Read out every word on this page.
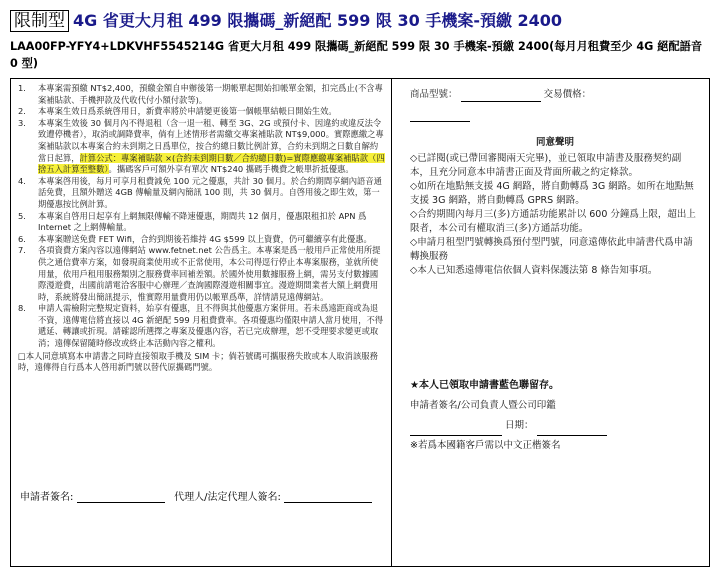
限制型 4G 省更大月租 499 限攜碼_新絕配 599 限 30 手機案-預繳 2400
LAA00FP-YFY4+LDKVHF5545214G 省更大月租 499 限攜碼_新絕配 599 限 30 手機案-預繳 2400(每月月租費至少 4G 絕配語音 0 型)
1.	本專案需預繳 NT$2,400，預繳金額自申辦後第一期帳單起開始扣帳單金額，扣完爲止(不含專案補貼款、手機押款及代收代付小額付款等)。
2.	本專案生效日爲系統啓用日，新費率將於申請變更後第一個帳單結帳日開始生效。
3.	本專案生效後 30 個月內不得退租（含一退一租、轉至 3G、2G 或預付卡、因違約或違反法令致遭停機者），取消或調降費率，倘有上述情形者需繳交專案補貼款 NT$9,000。實際應繳之專案補貼款以本專案合約未到期之日爲單位，按合約總日數比例計算，合約未到期之日數自解約當日起算，計算公式：專案補貼款 ×(合約未到期日數／合約總日數)=實際應繳專案補貼款（四捨五入計算至整數）。攜碼客戶可額外享有單次 NT$240 攜碼手機費之帳單折抵優惠。
4.	本專案啓用後，每月可享月租費減免 100 元之優惠，共計 30 個月。於合約期間享網內語音通話免費，且額外贈送 4GB 傳輸量及網內簡訊 100 則，共 30 個月。自啓用後之即生效，第一期優惠按比例計算。
5.	本專案自啓用日起享有上網無限傳輸不降速優惠，期間共 12 個月，優惠限租扣於 APN 爲 Internet 之上網傳輸量。
6.	本專案贈送免費 FET Wifi，合約到期後若維持 4G $599 以上資費，仍可繼續享有此優惠。
7.	各項資費方案內容以遠傳網站 www.fetnet.net 公告爲主。本專案是爲一般用戶正常使用所提供之通信費率方案，如發現商業使用或不正常使用，本公司得逕行停止本專案服務，並就所使用量，依用戶租用服務類別之服務費率回補差額。於國外使用數據服務上網，需另支付數據國際漫遊費，出國前請電洽客服中心辦理／查詢國際漫遊相關事宜。漫遊期間業者大額上網費用時，系統將發出簡訊提示，惟實際用量費用仍以帳單爲準，詳情請見遠傳網站。
8.	申請人需檢附完整規定資料，始享有優惠，且不得與其他優惠方案併用。若未爲遠距商或為退不資，遠傳電信將直接以 4G 新絕配 599 月租費費率。各項優惠均僅限申請人當月使用，不得遞延、轉讓或折現。請確認所選擇之專案及優惠內容，若已完成辦理，恕不受理要求變更或取消；遠傳保留隨時修改或終止本活動內容之權利。
□本人同意填寫本申請書之同時直接領取手機及 SIM 卡；倘若號碼可攜服務失敗或本人取消該服務時，遠傳得自行爲本人啓用新門號以替代原攜碼門號。
申請者簽名:	代理人/法定代理人簽名:
商品型號：	交易價格：
同意聲明
◇已詳閱(或已帶回審閱兩天完畢)，並已領取申請書及服務契約副本，且充分同意本申請書正面及背面所載之約定條款。
◇如所在地點無支援 4G 網路，將自動轉爲 3G 網路。如所在地點無支援 3G 網路，將自動轉爲 GPRS 網路。
◇合約期間內每月三(多)方通話功能累計以 600 分鐘爲上限，超出上限者，本公司有權取消三(多)方通話功能。
◇申請月租型門號轉換爲預付型門號，同意遠傳依此申請書代爲申請轉換服務
◇本人已知悉遠傳電信依個人資料保護法第 8 條告知事項。
★本人已領取申請書藍色聯留存。
申請者簽名/公司負責人暨公司印鑑
日期：
※若爲本國籍客戶需以中文正楷簽名
